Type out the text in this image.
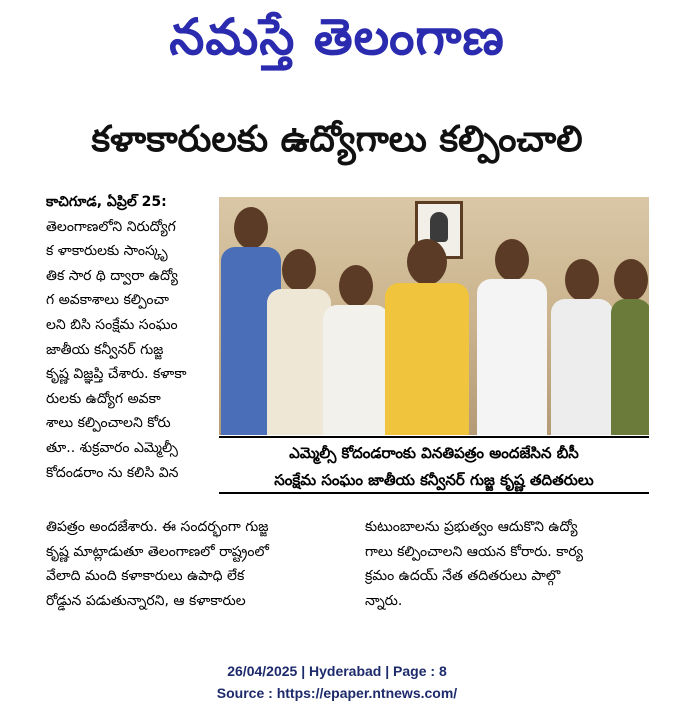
నమస్తే తెలంగాణ
కళాకారులకు ఉద్యోగాలు కల్పించాలి
కాచిగూడ, ఏప్రిల్ 25:
తెలంగాణలోని నిరుద్యోగ
క ళాకారులకు సాంస్కృ
తిక సార థి ద్వారా ఉద్యో
గ అవకాశాలు కల్పించా
లని బిసి సంక్షేమ సంఘం
జాతీయ కన్వీనర్ గుజ్జ
కృష్ణ విజ్ఞప్తి చేశారు. కళాకా
రులకు ఉద్యోగ అవకా
శాలు కల్పించాలని కోరు
తూ.. శుక్రవారం ఎమ్మెల్సీ
కోదండరాం ను కలిసి విన
ఎమ్మెల్సీ కోదండరాంకు వినతిపత్రం అందజేసిన బీసీ
సంక్షేమ సంఘం జాతీయ కన్వీనర్ గుజ్జ కృష్ణ తదితరులు
తిపత్రం అందజేశారు. ఈ సందర్భంగా గుజ్జ
కృష్ణ మాట్లాడుతూ తెలంగాణలో రాష్ట్రంలో
వేలాది మంది కళాకారులు ఉపాధి లేక
రోడ్డున పడుతున్నారని, ఆ కళాకారుల
కుటుంబాలను ప్రభుత్వం ఆదుకొని ఉద్యో
గాలు కల్పించాలని ఆయన కోరారు. కార్య
క్రమం ఉదయ్ నేత తదితరులు పాల్గొ
న్నారు.
26/04/2025 | Hyderabad | Page : 8
Source : https://epaper.ntnews.com/
